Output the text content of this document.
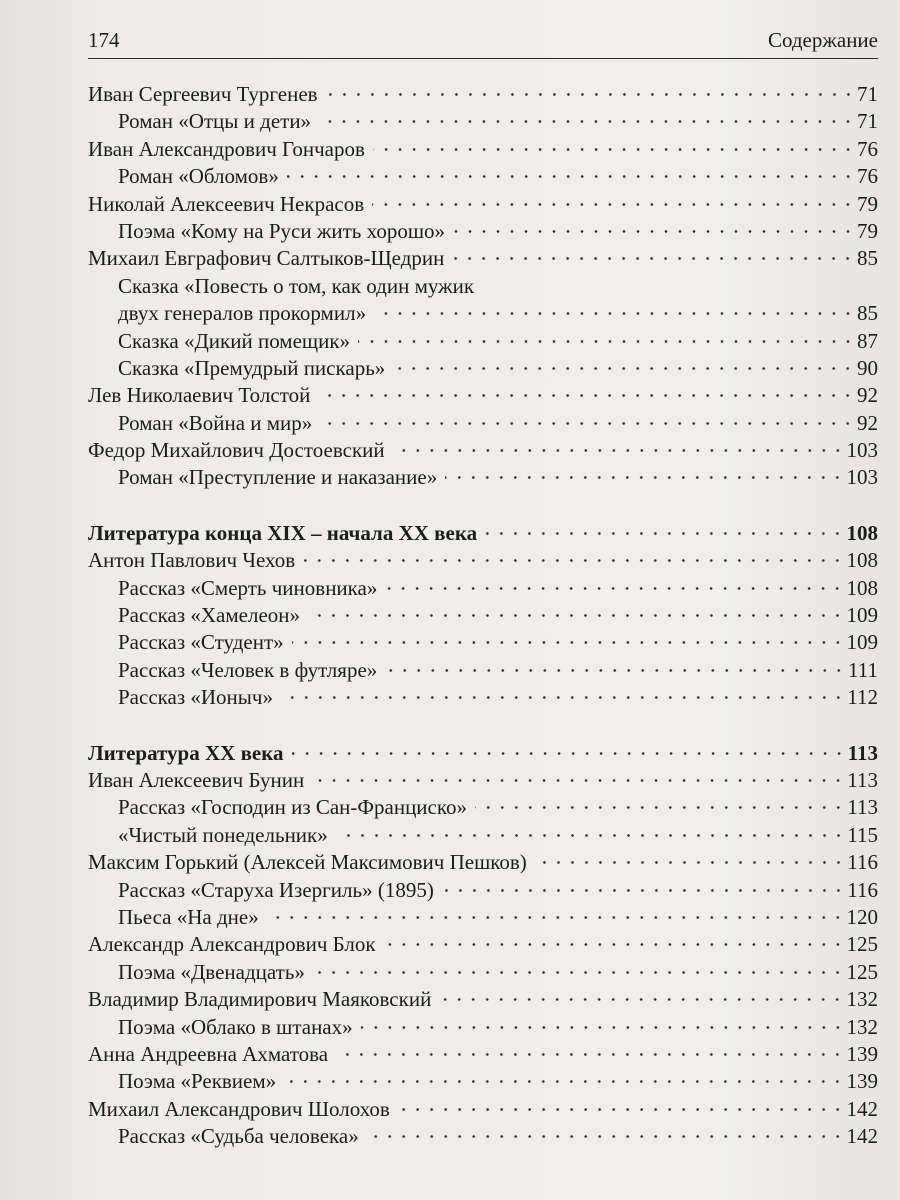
174	Содержание
Иван Сергеевич Тургенев	71
Роман «Отцы и дети»	71
Иван Александрович Гончаров	76
Роман «Обломов»	76
Николай Алексеевич Некрасов	79
Поэма «Кому на Руси жить хорошо»	79
Михаил Евграфович Салтыков-Щедрин	85
Сказка «Повесть о том, как один мужик
двух генералов прокормил»	85
Сказка «Дикий помещик»	87
Сказка «Премудрый пискарь»	90
Лев Николаевич Толстой	92
Роман «Война и мир»	92
Федор Михайлович Достоевский	103
Роман «Преступление и наказание»	103
Литература конца XIX – начала XX века	108
Антон Павлович Чехов	108
Рассказ «Смерть чиновника»	108
Рассказ «Хамелеон»	109
Рассказ «Студент»	109
Рассказ «Человек в футляре»	111
Рассказ «Ионыч»	112
Литература XX века	113
Иван Алексеевич Бунин	113
Рассказ «Господин из Сан-Франциско»	113
«Чистый понедельник»	115
Максим Горький (Алексей Максимович Пешков)	116
Рассказ «Старуха Изергиль» (1895)	116
Пьеса «На дне»	120
Александр Александрович Блок	125
Поэма «Двенадцать»	125
Владимир Владимирович Маяковский	132
Поэма «Облако в штанах»	132
Анна Андреевна Ахматова	139
Поэма «Реквием»	139
Михаил Александрович Шолохов	142
Рассказ «Судьба человека»	142
